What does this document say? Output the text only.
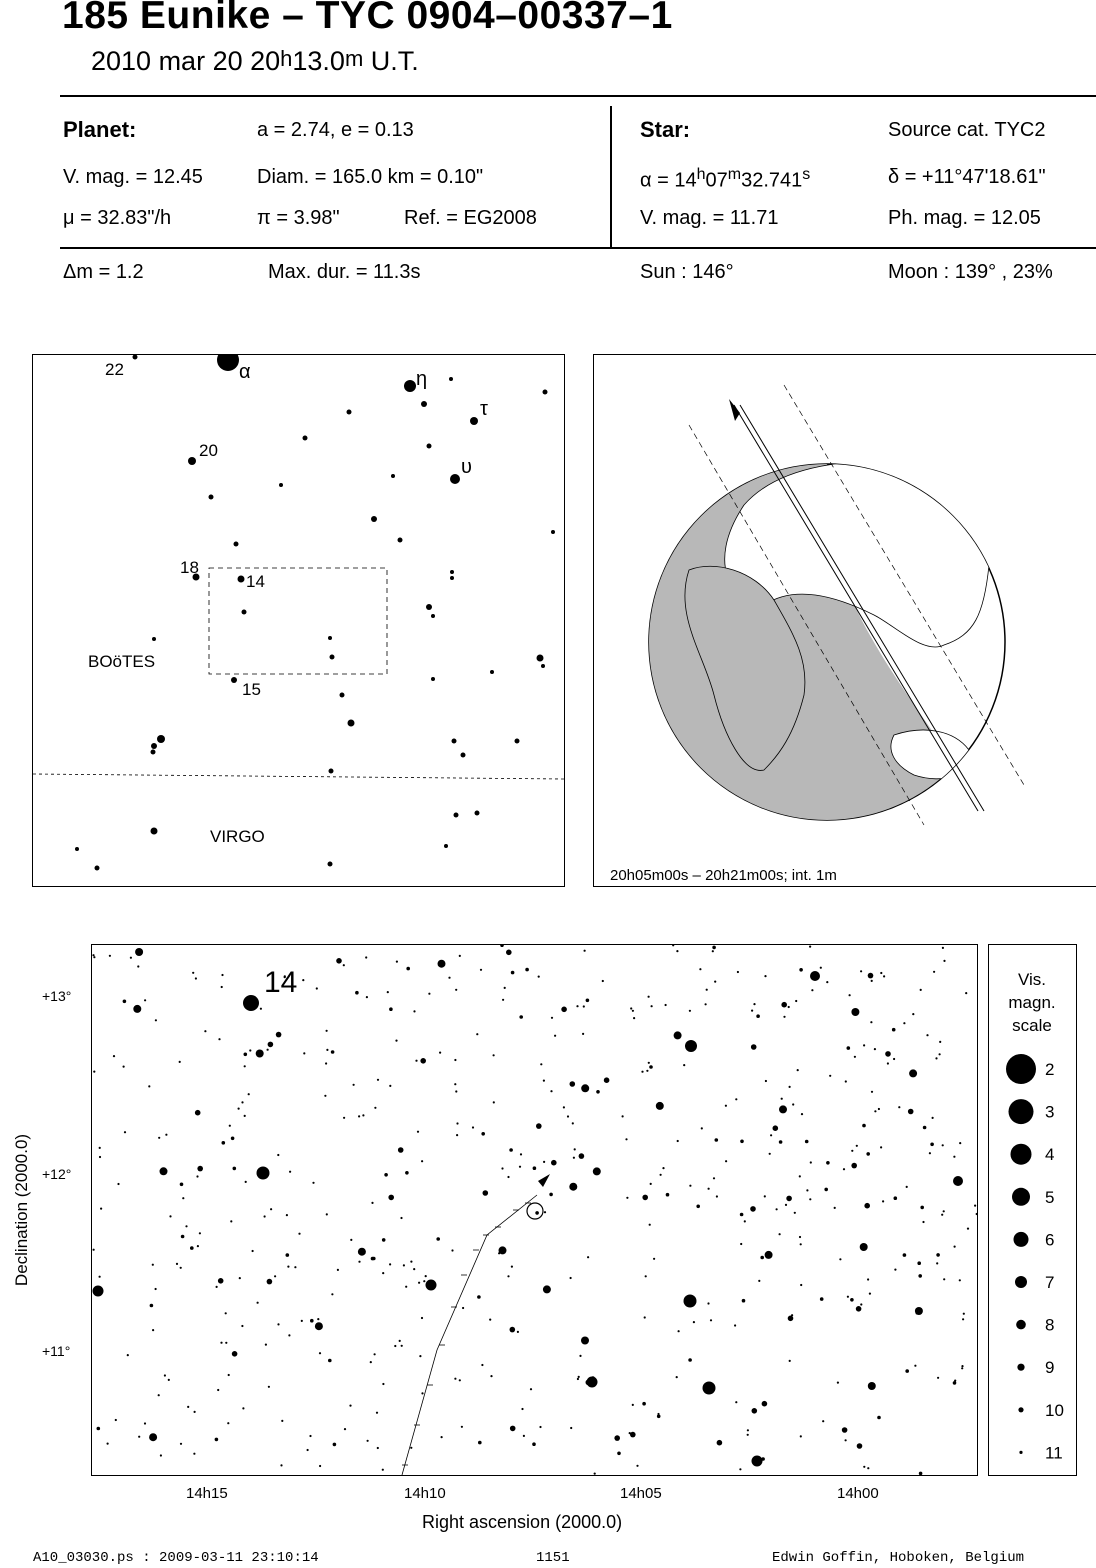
185 Eunike – TYC 0904–00337–1
2010 mar 20 20$^h$13.0$^m$ U.T.
Planet:	a = 2.74, e = 0.13
V. mag. = 12.45	Diam. = 165.0 km = 0.10"
μ = 32.83"/h	π = 3.98"	Ref. = EG2008
Star:	Source cat. TYC2
$\alpha = 14^h07^m32.741^s$	δ = +11°47'18.61"
V. mag. = 11.71	Ph. mag. = 12.05
Δm = 1.2	Max. dur. = 11.3s	Sun : 146°	Moon : 139° , 23%
22	α	η
τ
υ
20
18
14
15
BOöTES
VIRGO
20h05m00s – 20h21m00s; int. 1m
14
+13°
+12°
+11°
14h15	14h10	14h05	14h00
Right ascension (2000.0)
Declination (2000.0)
Vis.
magn.
scale
2
3
4
5
6
7
8
9
10
11
A10_03030.ps : 2009-03-11 23:10:14	1151	Edwin Goffin, Hoboken, Belgium
